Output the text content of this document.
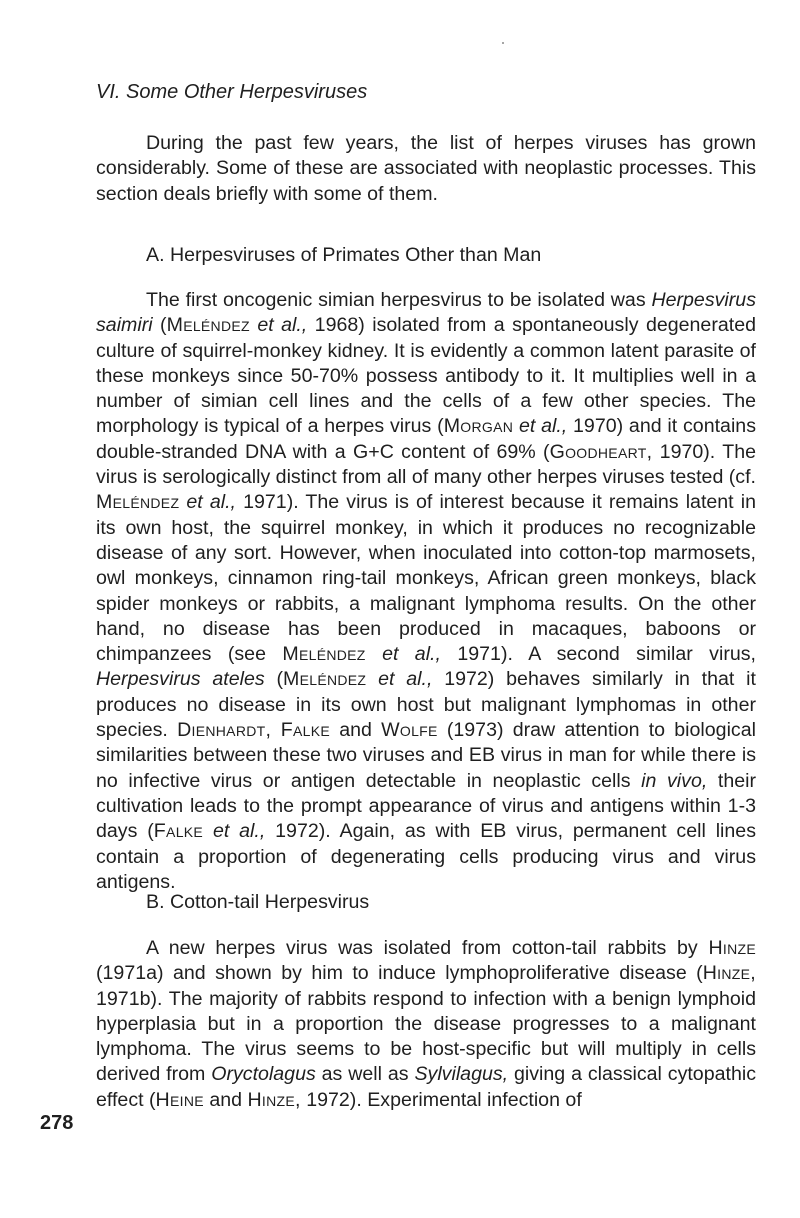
VI. Some Other Herpesviruses

During the past few years, the list of herpes viruses has grown considerably. Some of these are associated with neoplastic processes. This section deals briefly with some of them.

A. Herpesviruses of Primates Other than Man

The first oncogenic simian herpesvirus to be isolated was Herpesvirus saimiri (Meléndez et al., 1968) isolated from a spontaneously degenerated culture of squirrel-monkey kidney. It is evidently a common latent parasite of these monkeys since 50-70% possess antibody to it. It multiplies well in a number of simian cell lines and the cells of a few other species. The morphology is typical of a herpes virus (Morgan et al., 1970) and it contains double-stranded DNA with a G+C content of 69% (Goodheart, 1970). The virus is serologically distinct from all of many other herpes viruses tested (cf. Meléndez et al., 1971). The virus is of interest because it remains latent in its own host, the squirrel monkey, in which it produces no recognizable disease of any sort. However, when inoculated into cotton-top marmosets, owl monkeys, cinnamon ring-tail monkeys, African green monkeys, black spider monkeys or rabbits, a malignant lymphoma results. On the other hand, no disease has been produced in macaques, baboons or chimpanzees (see Meléndez et al., 1971). A second similar virus, Herpesvirus ateles (Meléndez et al., 1972) behaves similarly in that it produces no disease in its own host but malignant lymphomas in other species. Dienhardt, Falke and Wolfe (1973) draw attention to biological similarities between these two viruses and EB virus in man for while there is no infective virus or antigen detectable in neoplastic cells in vivo, their cultivation leads to the prompt appearance of virus and antigens within 1-3 days (Falke et al., 1972). Again, as with EB virus, permanent cell lines contain a proportion of degenerating cells producing virus and virus antigens.

B. Cotton-tail Herpesvirus

A new herpes virus was isolated from cotton-tail rabbits by Hinze (1971a) and shown by him to induce lymphoproliferative disease (Hinze, 1971b). The majority of rabbits respond to infection with a benign lymphoid hyperplasia but in a proportion the disease progresses to a malignant lymphoma. The virus seems to be host-specific but will multiply in cells derived from Oryctolagus as well as Sylvilagus, giving a classical cytopathic effect (Heine and Hinze, 1972). Experimental infection of

278
